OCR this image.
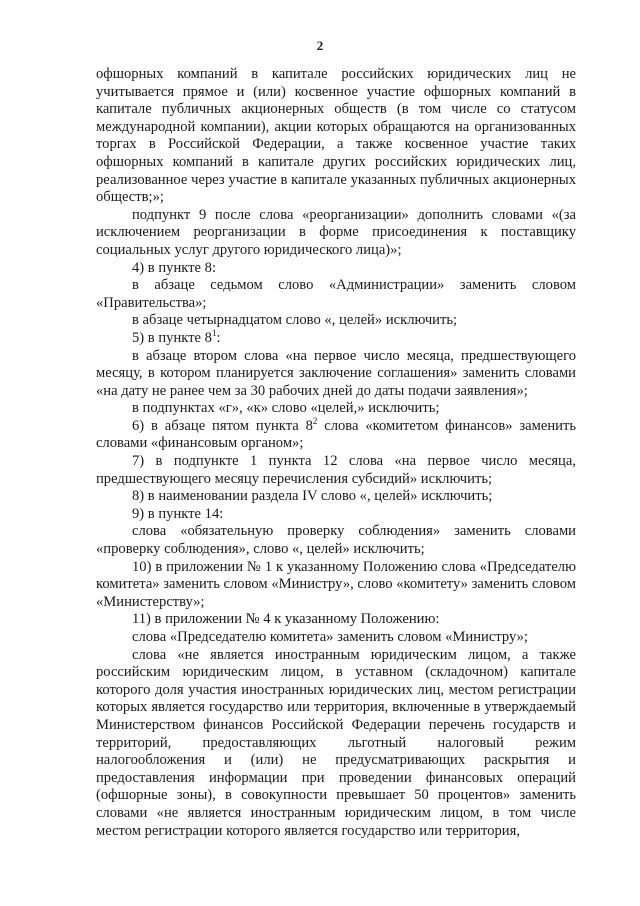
2

офшорных компаний в капитале российских юридических лиц не учитывается прямое и (или) косвенное участие офшорных компаний в капитале публичных акционерных обществ (в том числе со статусом международной компании), акции которых обращаются на организованных торгах в Российской Федерации, а также косвенное участие таких офшорных компаний в капитале других российских юридических лиц, реализованное через участие в капитале указанных публичных акционерных обществ;»;

подпункт 9 после слова «реорганизации» дополнить словами «(за исключением реорганизации в форме присоединения к поставщику социальных услуг другого юридического лица)»;

4) в пункте 8:

в абзаце седьмом слово «Администрации» заменить словом «Правительства»;

в абзаце четырнадцатом слово «, целей» исключить;

5) в пункте $8^1$:

в абзаце втором слова «на первое число месяца, предшествующего месяцу, в котором планируется заключение соглашения» заменить словами «на дату не ранее чем за 30 рабочих дней до даты подачи заявления»;

в подпунктах «г», «к» слово «целей,» исключить;

6) в абзаце пятом пункта $8^2$ слова «комитетом финансов» заменить словами «финансовым органом»;

7) в подпункте 1 пункта 12 слова «на первое число месяца, предшествующего месяцу перечисления субсидий» исключить;

8) в наименовании раздела IV слово «, целей» исключить;

9) в пункте 14:

слова «обязательную проверку соблюдения» заменить словами «проверку соблюдения», слово «, целей» исключить;

10) в приложении № 1 к указанному Положению слова «Председателю комитета» заменить словом «Министру», слово «комитету» заменить словом «Министерству»;

11) в приложении № 4 к указанному Положению:

слова «Председателю комитета» заменить словом «Министру»;

слова «не является иностранным юридическим лицом, а также российским юридическим лицом, в уставном (складочном) капитале которого доля участия иностранных юридических лиц, местом регистрации которых является государство или территория, включенные в утверждаемый Министерством финансов Российской Федерации перечень государств и территорий, предоставляющих льготный налоговый режим налогообложения и (или) не предусматривающих раскрытия и предоставления информации при проведении финансовых операций (офшорные зоны), в совокупности превышает 50 процентов» заменить словами «не является иностранным юридическим лицом, в том числе местом регистрации которого является государство или территория,
